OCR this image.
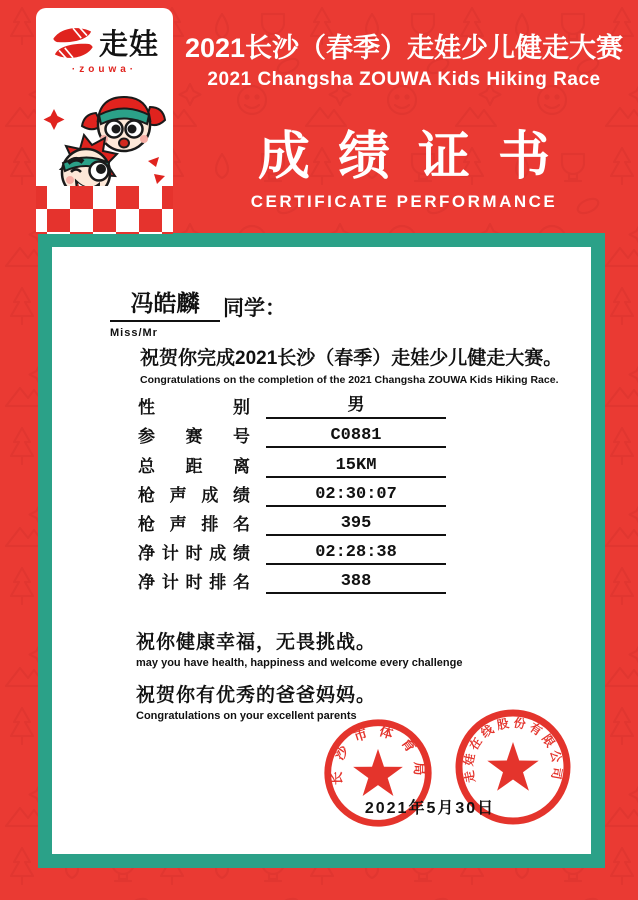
走娃
·zouwa·
2021长沙（春季）走娃少儿健走大赛
2021 Changsha ZOUWA Kids Hiking Race
成绩证书
CERTIFICATE PERFORMANCE
冯皓麟	同学：
Miss/Mr
祝贺你完成2021长沙（春季）走娃少儿健走大赛。
Congratulations on the completion of the 2021 Changsha ZOUWA Kids Hiking Race.
性别	男
参赛号	C0881
总距离	15KM
枪声成绩	02:30:07
枪声排名	395
净计时成绩	02:28:38
净计时排名	388
祝你健康幸福，无畏挑战。
may you have health, happiness and welcome every challenge
祝贺你有优秀的爸爸妈妈。
Congratulations on your excellent parents
长沙市体育局	走娃在线股份有限公司
2021年5月30日
